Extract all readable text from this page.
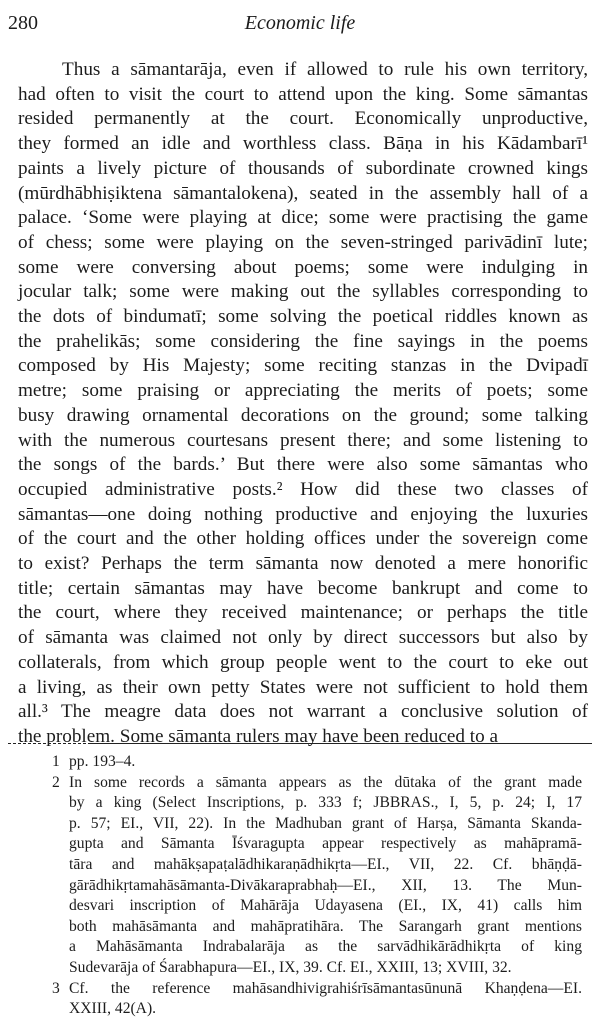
280	Economic life
Thus a sāmantarāja, even if allowed to rule his own territory,
had often to visit the court to attend upon the king. Some sāmantas
resided permanently at the court. Economically unproductive,
they formed an idle and worthless class. Bāṇa in his Kādambarī¹
paints a lively picture of thousands of subordinate crowned kings
(mūrdhābhiṣiktena sāmantalokena), seated in the assembly hall of a
palace. ‘Some were playing at dice; some were practising the game
of chess; some were playing on the seven-stringed parivādinī lute;
some were conversing about poems; some were indulging in
jocular talk; some were making out the syllables corresponding to
the dots of bindumatī; some solving the poetical riddles known as
the prahelikās; some considering the fine sayings in the poems
composed by His Majesty; some reciting stanzas in the Dvipadī
metre; some praising or appreciating the merits of poets; some
busy drawing ornamental decorations on the ground; some talking
with the numerous courtesans present there; and some listening to
the songs of the bards.’ But there were also some sāmantas who
occupied administrative posts.² How did these two classes of
sāmantas—one doing nothing productive and enjoying the luxuries
of the court and the other holding offices under the sovereign come
to exist? Perhaps the term sāmanta now denoted a mere honorific
title; certain sāmantas may have become bankrupt and come to
the court, where they received maintenance; or perhaps the title
of sāmanta was claimed not only by direct successors but also by
collaterals, from which group people went to the court to eke out
a living, as their own petty States were not sufficient to hold them
all.³ The meagre data does not warrant a conclusive solution of
the problem. Some sāmanta rulers may have been reduced to a
1 pp. 193–4.
2 In some records a sāmanta appears as the dūtaka of the grant made
by a king (Select Inscriptions, p. 333 f; JBBRAS., I, 5, p. 24; I, 17
p. 57; EI., VII, 22). In the Madhuban grant of Harṣa, Sāmanta Skanda-
gupta and Sāmanta Īśvaragupta appear respectively as mahāpramā-
tāra and mahākṣapaṭalādhikaraṇādhikṛta—EI., VII, 22. Cf. bhāṇḍā-
gārādhikṛtamahāsāmanta-Divākaraprabhaḥ—EI., XII, 13. The Mun-
desvari inscription of Mahārāja Udayasena (EI., IX, 41) calls him
both mahāsāmanta and mahāpratihāra. The Sarangarh grant mentions
a Mahāsāmanta Indrabalarāja as the sarvādhikārādhikṛta of king
Sudevarāja of Śarabhapura—EI., IX, 39. Cf. EI., XXIII, 13; XVIII, 32.
3 Cf. the reference mahāsandhivigrahiśrīsāmantasūnunā Khaṇḍena—EI.
XXIII, 42(A).
